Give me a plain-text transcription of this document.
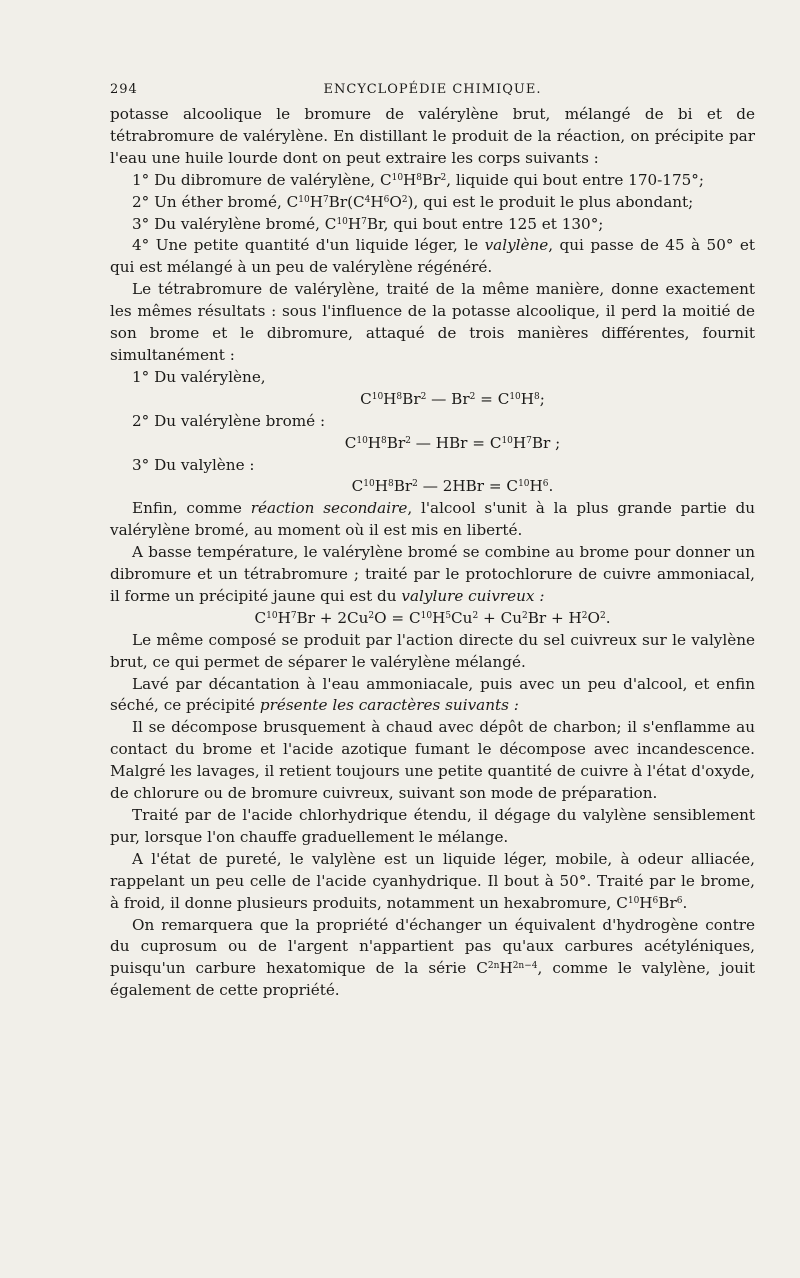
294	ENCYCLOPÉDIE CHIMIQUE.

potasse alcoolique le bromure de valérylène brut, mélangé de bi et de tétrabromure de valérylène. En distillant le produit de la réaction, on précipite par l'eau une huile lourde dont on peut extraire les corps suivants :

1° Du dibromure de valérylène, $C^{10}H^8Br^2$, liquide qui bout entre 170-175°;

2° Un éther bromé, $C^{10}H^7Br(C^4H^6O^2)$, qui est le produit le plus abondant;

3° Du valérylène bromé, $C^{10}H^7Br$, qui bout entre 125 et 130°;

4° Une petite quantité d'un liquide léger, le valylène, qui passe de 45 à 50° et qui est mélangé à un peu de valérylène régénéré.

Le tétrabromure de valérylène, traité de la même manière, donne exactement les mêmes résultats : sous l'influence de la potasse alcoolique, il perd la moitié de son brome et le dibromure, attaqué de trois manières différentes, fournit simultanément :

1° Du valérylène,

$C^{10}H^8Br^2$ — $Br^2 = C^{10}H^8$;

2° Du valérylène bromé :

$C^{10}H^8Br^2$ — HBr = $C^{10}H^7Br$ ;

3° Du valylène :

$C^{10}H^8Br^2$ — $2HBr = C^{10}H^6$.

Enfin, comme réaction secondaire, l'alcool s'unit à la plus grande partie du valérylène bromé, au moment où il est mis en liberté.

A basse température, le valérylène bromé se combine au brome pour donner un dibromure et un tétrabromure ; traité par le protochlorure de cuivre ammoniacal, il forme un précipité jaune qui est du valylure cuivreux :

$C^{10}H^7Br + 2Cu^2O = C^{10}H^5Cu^2 + Cu^2Br + H^2O^2$.

Le même composé se produit par l'action directe du sel cuivreux sur le valylène brut, ce qui permet de séparer le valérylène mélangé.

Lavé par décantation à l'eau ammoniacale, puis avec un peu d'alcool, et enfin séché, ce précipité présente les caractères suivants :

Il se décompose brusquement à chaud avec dépôt de charbon; il s'enflamme au contact du brome et l'acide azotique fumant le décompose avec incandescence. Malgré les lavages, il retient toujours une petite quantité de cuivre à l'état d'oxyde, de chlorure ou de bromure cuivreux, suivant son mode de préparation.

Traité par de l'acide chlorhydrique étendu, il dégage du valylène sensiblement pur, lorsque l'on chauffe graduellement le mélange.

A l'état de pureté, le valylène est un liquide léger, mobile, à odeur alliacée, rappelant un peu celle de l'acide cyanhydrique. Il bout à 50°. Traité par le brome, à froid, il donne plusieurs produits, notamment un hexabromure, $C^{10}H^6Br^6$.

On remarquera que la propriété d'échanger un équivalent d'hydrogène contre du cuprosum ou de l'argent n'appartient pas qu'aux carbures acétyléniques, puisqu'un carbure hexatomique de la série $C^{2n}H^{2n-4}$, comme le valylène, jouit également de cette propriété.
